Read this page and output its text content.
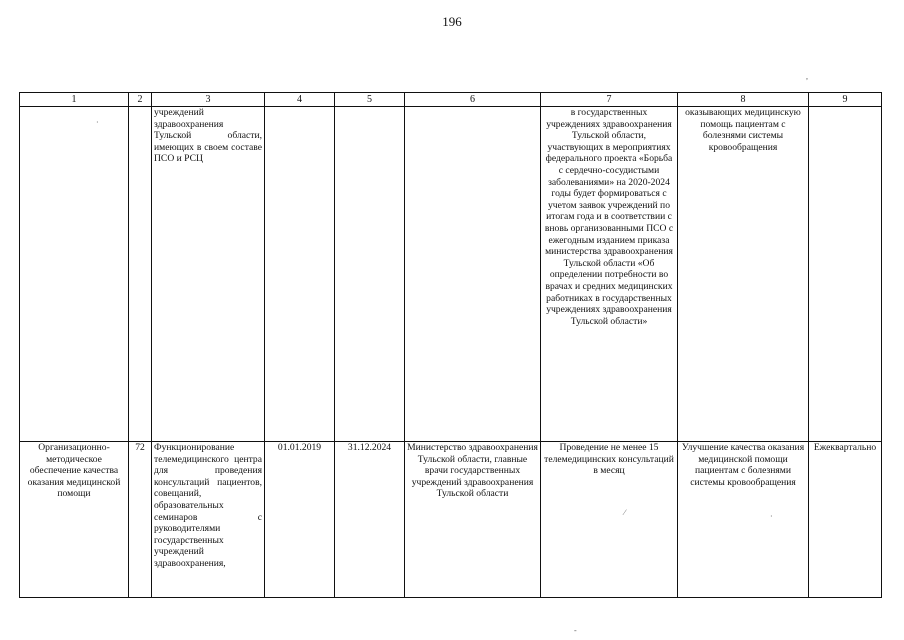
196
1	2	3	4	5	6	7	8	9
		учреждений здравоохранения Тульской области, имеющих в своем составе ПСО и РСЦ				в государственных учреждениях здравоохранения Тульской области, участвующих в мероприятиях федерального проекта «Борьба с сердечно-сосудистыми заболеваниями» на 2020-2024 годы будет формироваться с учетом заявок учреждений по итогам года и в соответствии с вновь организованными ПСО с ежегодным изданием приказа министерства здравоохранения Тульской области «Об определении потребности во врачах и средних медицинских работниках в государственных учреждениях здравоохранения Тульской области»	оказывающих медицинскую помощь пациентам с болезнями системы кровообращения	
Организационно-методическое обеспечение качества оказания медицинской помощи	72	Функционирование телемедицинского центра для проведения консультаций пациентов, совещаний, образовательных семинаров с руководителями государственных учреждений здравоохранения,	01.01.2019	31.12.2024	Министерство здравоохранения Тульской области, главные врачи государственных учреждений здравоохранения Тульской области	Проведение не менее 15 телемедицинских консультаций в месяц	Улучшение качества оказания медицинской помощи пациентам с болезнями системы кровообращения	Ежеквартально
·
,
⁄	·
-
